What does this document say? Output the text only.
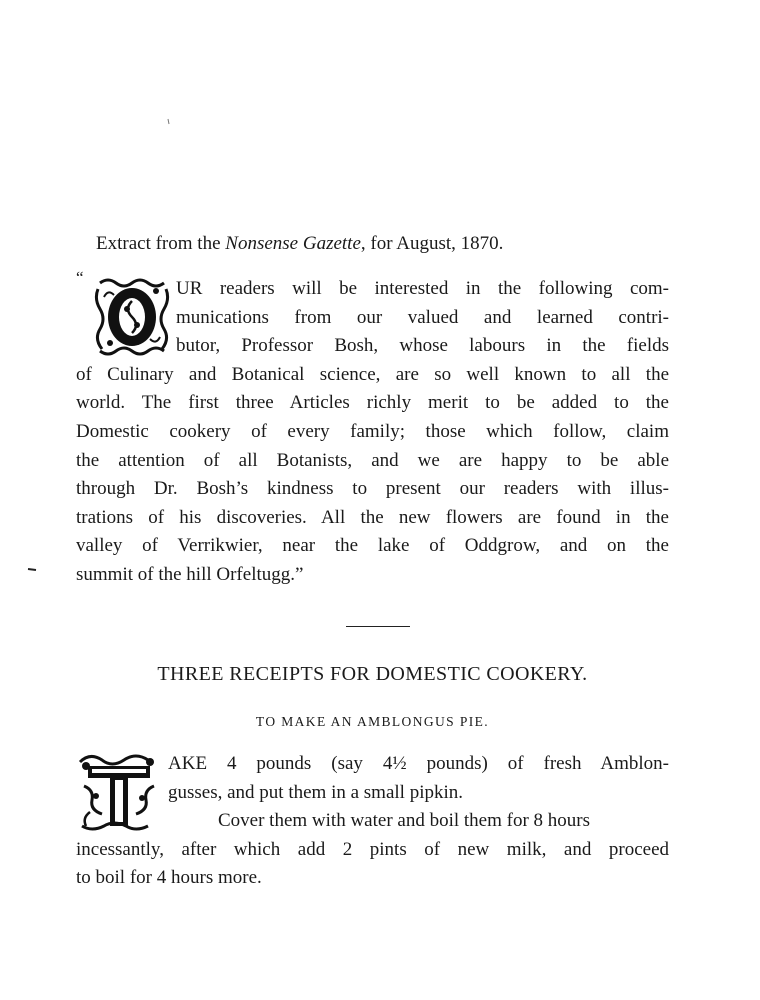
Extract from the Nonsense Gazette, for August, 1870.
“
UR readers will be interested in the following com-
munications from our valued and learned contri-
butor, Professor Bosh, whose labours in the fields
of Culinary and Botanical science, are so well known to all the
world. The first three Articles richly merit to be added to the
Domestic cookery of every family; those which follow, claim
the attention of all Botanists, and we are happy to be able
through Dr. Bosh’s kindness to present our readers with illus-
trations of his discoveries. All the new flowers are found in the
valley of Verrikwier, near the lake of Oddgrow, and on the
summit of the hill Orfeltugg.”
THREE RECEIPTS FOR DOMESTIC COOKERY.
TO MAKE AN AMBLONGUS PIE.
AKE 4 pounds (say 4½ pounds) of fresh Amblon-
gusses, and put them in a small pipkin.
Cover them with water and boil them for 8 hours
incessantly, after which add 2 pints of new milk, and proceed
to boil for 4 hours more.
